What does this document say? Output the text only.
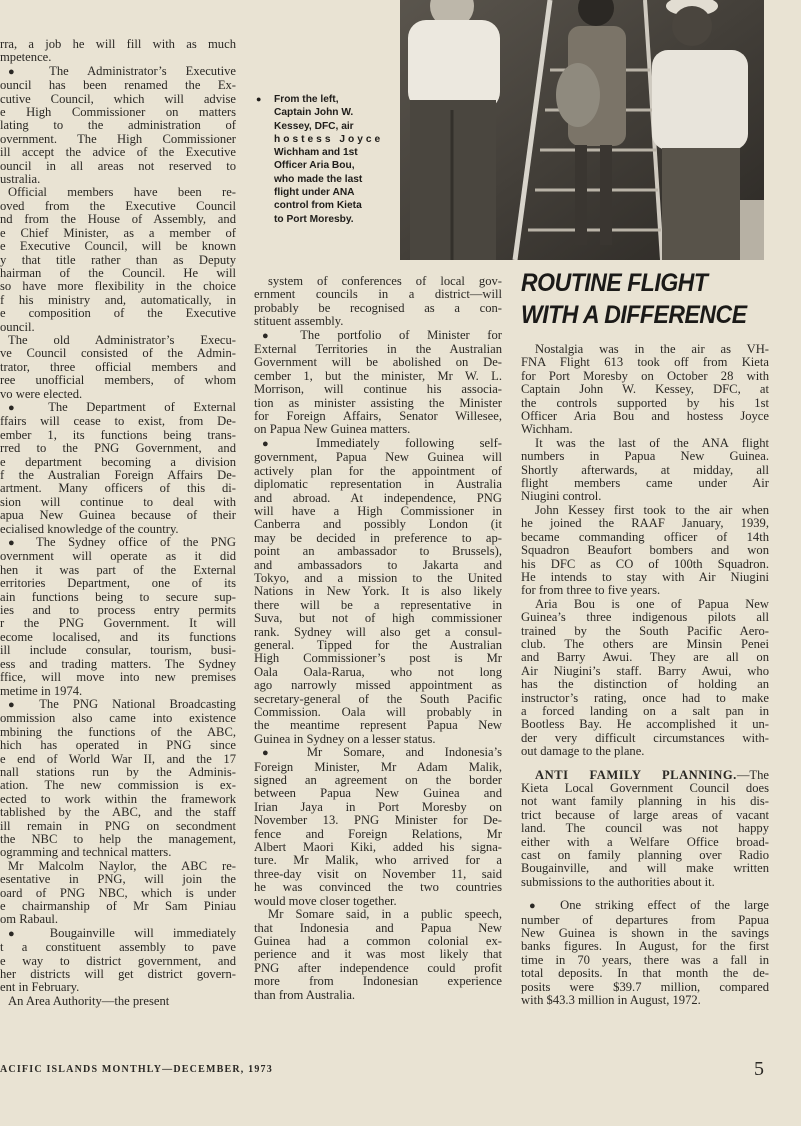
● From the left,

Captain John W.

Kessey, DFC, air

hostess Joyce

Wichham and 1st

Officer Aria Bou,

who made the last

flight under ANA

control from Kieta

to Port Moresby.

ROUTINE FLIGHT
WITH A DIFFERENCE
rra, a job he will fill with as much
mpetence.
● The Administrator’s Executive
ouncil has been renamed the Ex-
cutive Council, which will advise
e High Commissioner on matters
lating to the administration of
overnment. The High Commissioner
ill accept the advice of the Executive
ouncil in all areas not reserved to
ustralia.
Official members have been re-
oved from the Executive Council
nd from the House of Assembly, and
e Chief Minister, as a member of
e Executive Council, will be known
y that title rather than as Deputy
hairman of the Council. He will
so have more flexibility in the choice
f his ministry and, automatically, in
e composition of the Executive
ouncil.
The old Administrator’s Execu-
ve Council consisted of the Admin-
trator, three official members and
ree unofficial members, of whom
vo were elected.
● The Department of External
ffairs will cease to exist, from De-
ember 1, its functions being trans-
rred to the PNG Government, and
e department becoming a division
f the Australian Foreign Affairs De-
artment. Many officers of this di-
sion will continue to deal with
apua New Guinea because of their
ecialised knowledge of the country.
● The Sydney office of the PNG
overnment will operate as it did
hen it was part of the External
erritories Department, one of its
ain functions being to secure sup-
ies and to process entry permits
r the PNG Government. It will
ecome localised, and its functions
ill include consular, tourism, busi-
ess and trading matters. The Sydney
ffice, will move into new premises
metime in 1974.
● The PNG National Broadcasting
ommission also came into existence
mbining the functions of the ABC,
hich has operated in PNG since
e end of World War II, and the 17
nall stations run by the Adminis-
ation. The new commission is ex-
ected to work within the framework
tablished by the ABC, and the staff
ill remain in PNG on secondment
the NBC to help the management,
ogramming and technical matters.
Mr Malcolm Naylor, the ABC re-
esentative in PNG, will join the
oard of PNG NBC, which is under
e chairmanship of Mr Sam Piniau
om Rabaul.
● Bougainville will immediately
t a constituent assembly to pave
e way to district government, and
her districts will get district govern-
ent in February.
An Area Authority—the present
system of conferences of local gov-
ernment councils in a district—will
probably be recognised as a con-
stituent assembly.
● The portfolio of Minister for
External Territories in the Australian
Government will be abolished on De-
cember 1, but the minister, Mr W. L.
Morrison, will continue his associa-
tion as minister assisting the Minister
for Foreign Affairs, Senator Willesee,
on Papua New Guinea matters.
● Immediately following self-
government, Papua New Guinea will
actively plan for the appointment of
diplomatic representation in Australia
and abroad. At independence, PNG
will have a High Commissioner in
Canberra and possibly London (it
may be decided in preference to ap-
point an ambassador to Brussels),
and ambassadors to Jakarta and
Tokyo, and a mission to the United
Nations in New York. It is also likely
there will be a representative in
Suva, but not of high commissioner
rank. Sydney will also get a consul-
general. Tipped for the Australian
High Commissioner’s post is Mr
Oala Oala-Rarua, who not long
ago narrowly missed appointment as
secretary-general of the South Pacific
Commission. Oala will probably in
the meantime represent Papua New
Guinea in Sydney on a lesser status.
● Mr Somare, and Indonesia’s
Foreign Minister, Mr Adam Malik,
signed an agreement on the border
between Papua New Guinea and
Irian Jaya in Port Moresby on
November 13. PNG Minister for De-
fence and Foreign Relations, Mr
Albert Maori Kiki, added his signa-
ture. Mr Malik, who arrived for a
three-day visit on November 11, said
he was convinced the two countries
would move closer together.
Mr Somare said, in a public speech,
that Indonesia and Papua New
Guinea had a common colonial ex-
perience and it was most likely that
PNG after independence could profit
more from Indonesian experience
than from Australia.
Nostalgia was in the air as VH-
FNA Flight 613 took off from Kieta
for Port Moresby on October 28 with
Captain John W. Kessey, DFC, at
the controls supported by his 1st
Officer Aria Bou and hostess Joyce
Wichham.
It was the last of the ANA flight
numbers in Papua New Guinea.
Shortly afterwards, at midday, all
flight members came under Air
Niugini control.
John Kessey first took to the air when
he joined the RAAF January, 1939,
became commanding officer of 14th
Squadron Beaufort bombers and won
his DFC as CO of 100th Squadron.
He intends to stay with Air Niugini
for from three to five years.
Aria Bou is one of Papua New
Guinea’s three indigenous pilots all
trained by the South Pacific Aero-
club. The others are Minsin Penei
and Barry Awui. They are all on
Air Niugini’s staff. Barry Awui, who
has the distinction of holding an
instructor’s rating, once had to make
a forced landing on a salt pan in
Bootless Bay. He accomplished it un-
der very difficult circumstances with-
out damage to the plane.
ANTI FAMILY PLANNING.—The
Kieta Local Government Council does
not want family planning in his dis-
trict because of large areas of vacant
land. The council was not happy
either with a Welfare Office broad-
cast on family planning over Radio
Bougainville, and will make written
submissions to the authorities about it.
● One striking effect of the large
number of departures from Papua
New Guinea is shown in the savings
banks figures. In August, for the first
time in 70 years, there was a fall in
total deposits. In that month the de-
posits were $39.7 million, compared
with $43.3 million in August, 1972.
ACIFIC ISLANDS MONTHLY—DECEMBER, 1973	5
